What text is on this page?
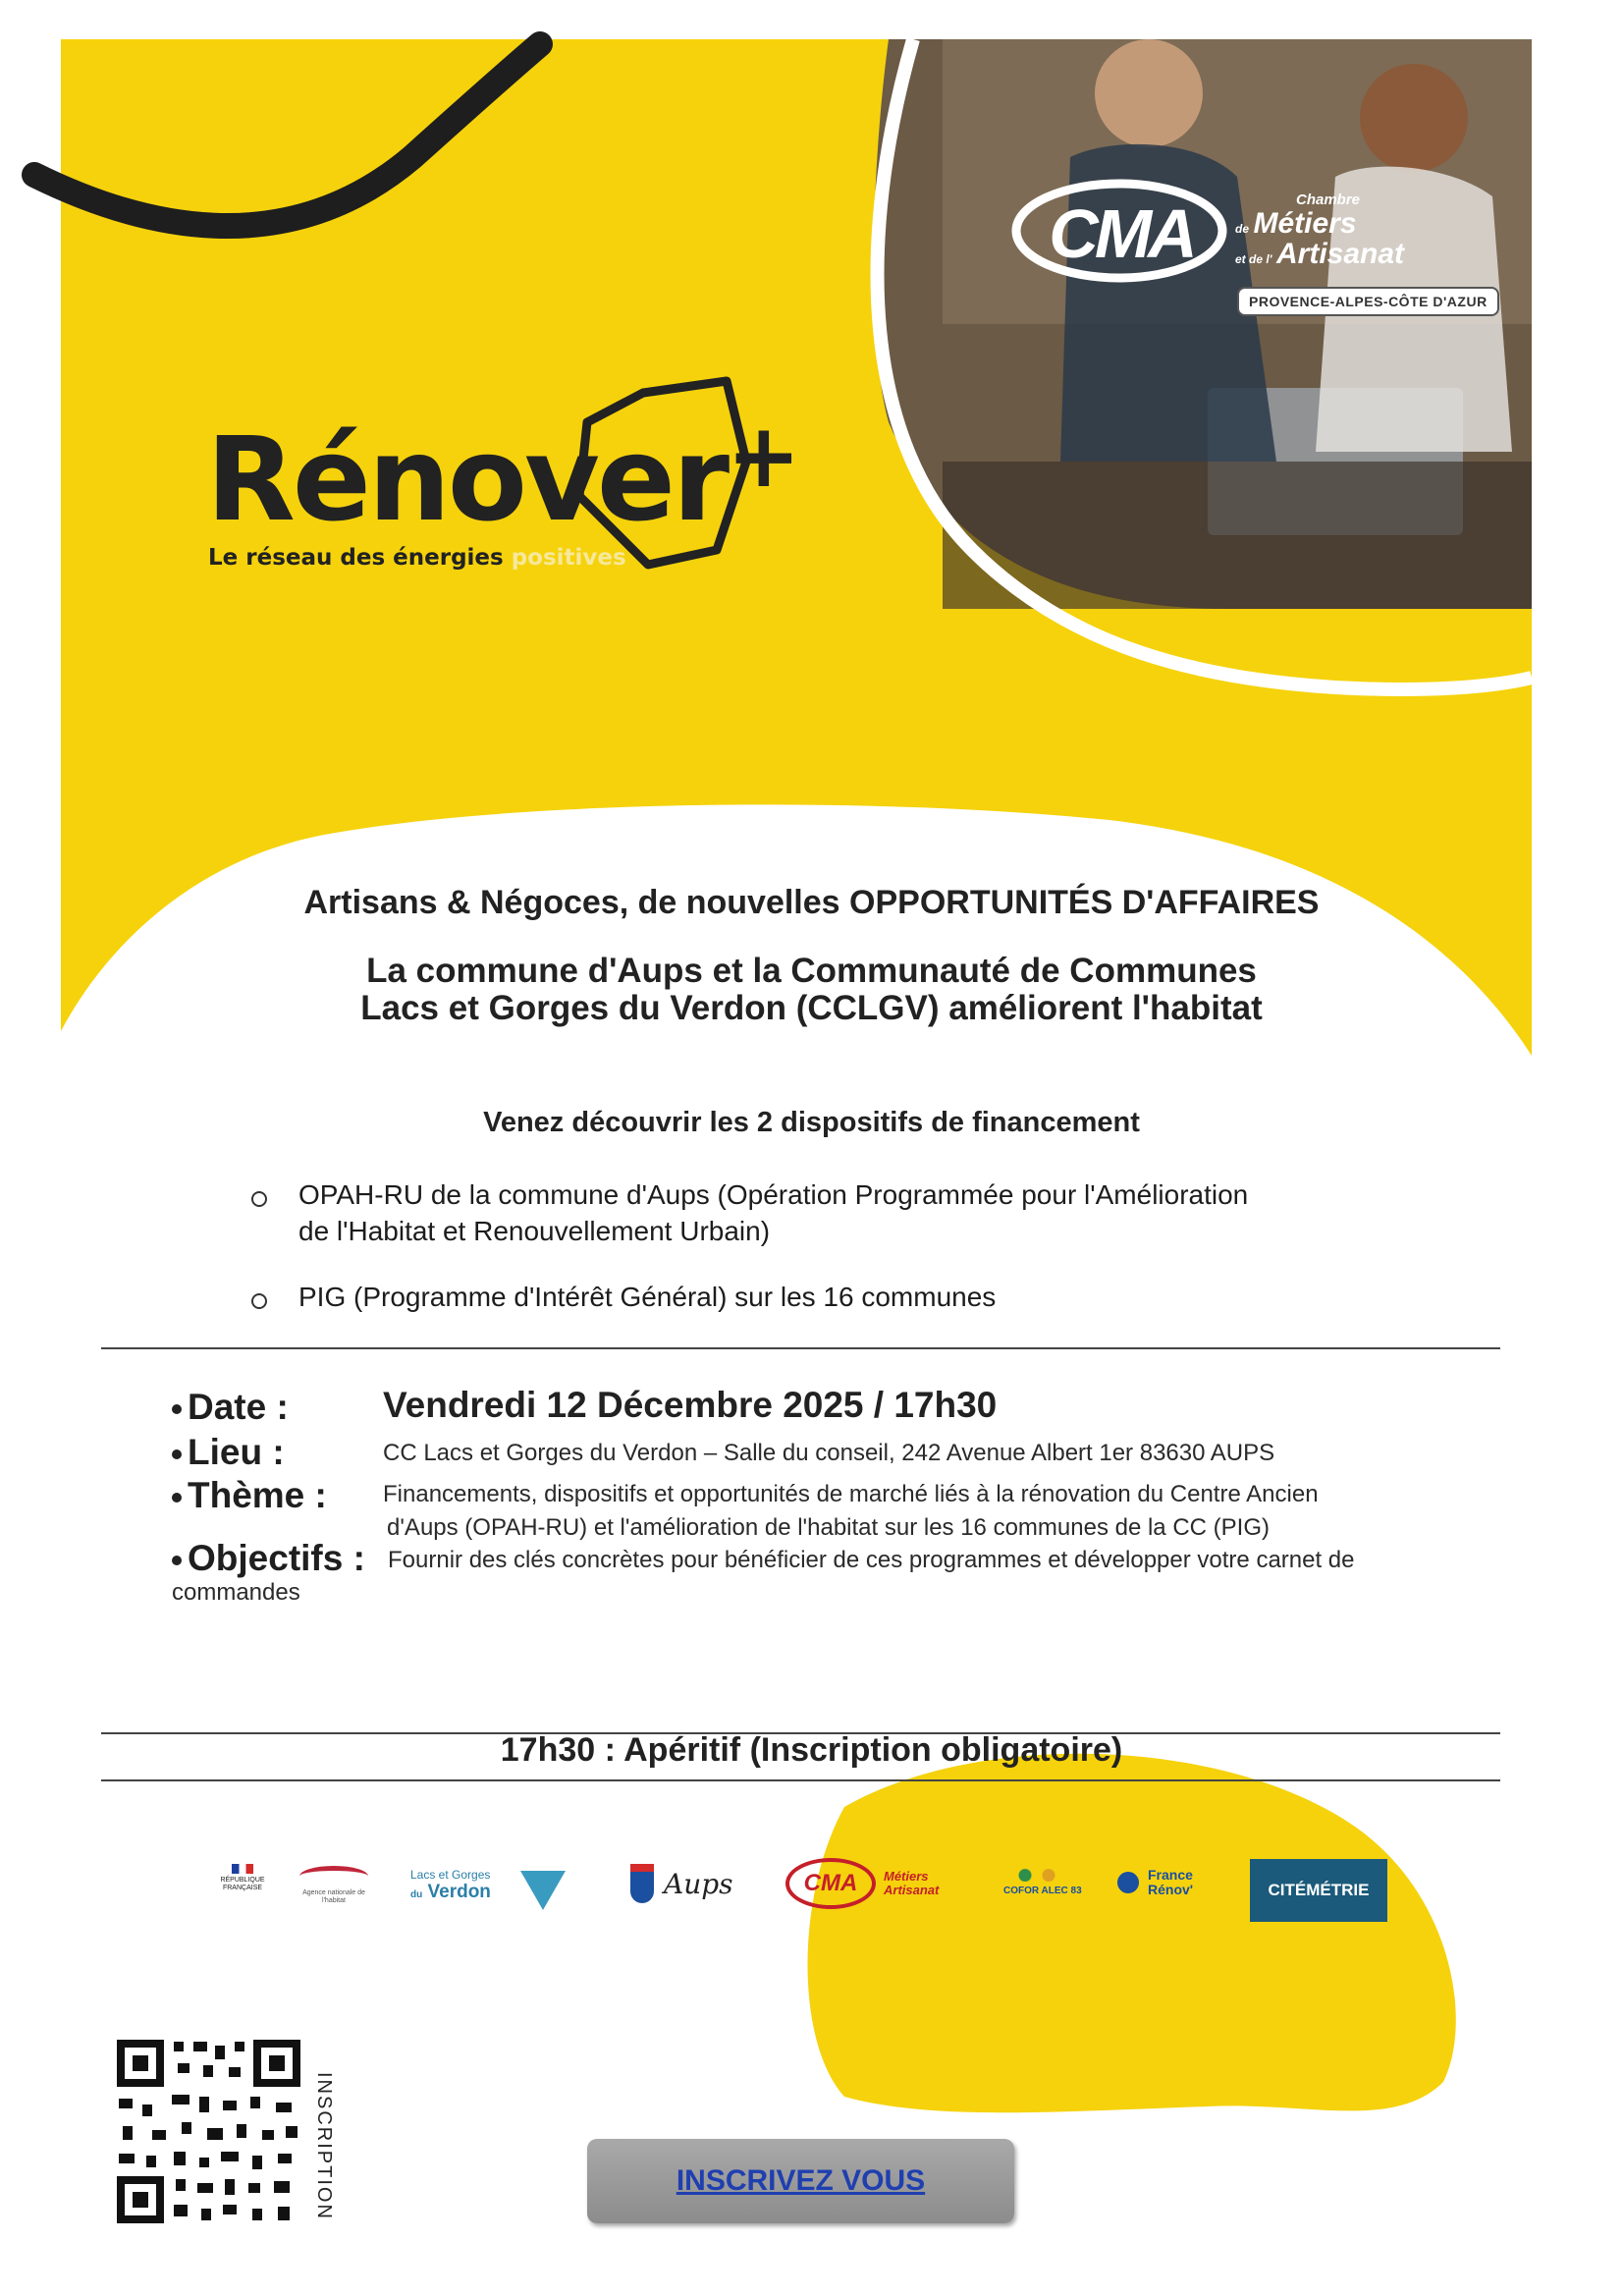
Rénover+
Le réseau des énergies positives
CMA	Chambre
de Métiers
et de l' Artisanat
PROVENCE-ALPES-CÔTE D'AZUR
Artisans & Négoces, de nouvelles OPPORTUNITÉS D'AFFAIRES
La commune d'Aups et la Communauté de Communes
Lacs et Gorges du Verdon (CCLGV) améliorent l'habitat
Venez découvrir les 2 dispositifs de financement
OPAH-RU de la commune d'Aups (Opération Programmée pour l'Amélioration
de l'Habitat et Renouvellement Urbain)
PIG (Programme d'Intérêt Général) sur les 16 communes
Date :	Vendredi 12 Décembre 2025 / 17h30
Lieu :	CC Lacs et Gorges du Verdon – Salle du conseil, 242 Avenue Albert 1er 83630 AUPS
Thème : Financements, dispositifs et opportunités de marché liés à la rénovation du Centre Ancien
d'Aups (OPAH-RU) et l'amélioration de l'habitat sur les 16 communes de la CC (PIG)
Objectifs : Fournir des clés concrètes pour bénéficier de ces programmes et développer votre carnet de
commandes
17h30 : Apéritif (Inscription obligatoire)
RÉPUBLIQUE FRANÇAISE
Agence nationale de l'habitat
Lacs et Gorges
du Verdon	Aups	CMA	Métiers
Artisanat	COFOR ALEC 83
France
Rénov'	CITÉMÉTRIE
INSCRIPTION	INSCRIVEZ VOUS
